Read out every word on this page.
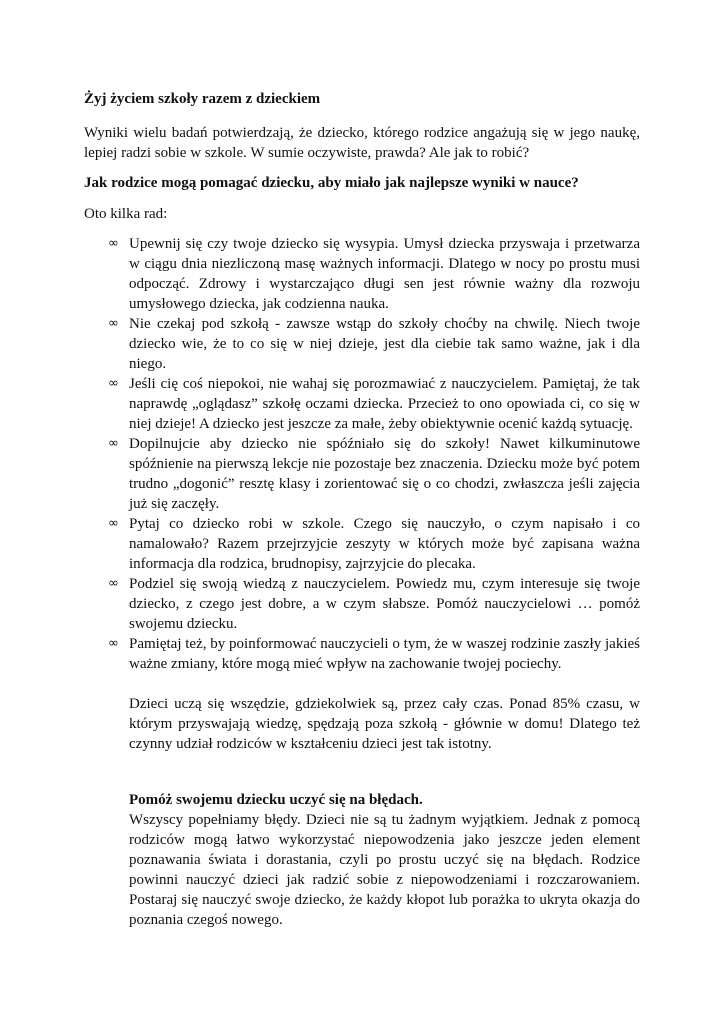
Żyj życiem szkoły razem z dzieckiem

Wyniki wielu badań potwierdzają, że dziecko, którego rodzice angażują się w jego naukę, lepiej radzi sobie w szkole. W sumie oczywiste, prawda? Ale jak to robić?

Jak rodzice mogą pomagać dziecku, aby miało jak najlepsze wyniki w nauce?

Oto kilka rad:

∞ Upewnij się czy twoje dziecko się wysypia. Umysł dziecka przyswaja i przetwarza w ciągu dnia niezliczoną masę ważnych informacji. Dlatego w nocy po prostu musi odpocząć. Zdrowy i wystarczająco długi sen jest równie ważny dla rozwoju umysłowego dziecka, jak codzienna nauka.
∞ Nie czekaj pod szkołą - zawsze wstąp do szkoły choćby na chwilę. Niech twoje dziecko wie, że to co się w niej dzieje, jest dla ciebie tak samo ważne, jak i dla niego.
∞ Jeśli cię coś niepokoi, nie wahaj się porozmawiać z nauczycielem. Pamiętaj, że tak naprawdę „oglądasz” szkołę oczami dziecka. Przecież to ono opowiada ci, co się w niej dzieje! A dziecko jest jeszcze za małe, żeby obiektywnie ocenić każdą sytuację.
∞ Dopilnujcie aby dziecko nie spóźniało się do szkoły! Nawet kilkuminutowe spóźnienie na pierwszą lekcje nie pozostaje bez znaczenia. Dziecku może być potem trudno „dogonić” resztę klasy i zorientować się o co chodzi, zwłaszcza jeśli zajęcia już się zaczęły.
∞ Pytaj co dziecko robi w szkole. Czego się nauczyło, o czym napisało i co namalowało? Razem przejrzyjcie zeszyty w których może być zapisana ważna informacja dla rodzica, brudnopisy, zajrzyjcie do plecaka.
∞ Podziel się swoją wiedzą z nauczycielem. Powiedz mu, czym interesuje się twoje dziecko, z czego jest dobre, a w czym słabsze. Pomóż nauczycielowi … pomóż swojemu dziecku.
∞ Pamiętaj też, by poinformować nauczycieli o tym, że w waszej rodzinie zaszły jakieś ważne zmiany, które mogą mieć wpływ na zachowanie twojej pociechy.

Dzieci uczą się wszędzie, gdziekolwiek są, przez cały czas. Ponad 85% czasu, w którym przyswajają wiedzę, spędzają poza szkołą - głównie w domu! Dlatego też czynny udział rodziców w kształceniu dzieci jest tak istotny.

Pomóż swojemu dziecku uczyć się na błędach.

Wszyscy popełniamy błędy. Dzieci nie są tu żadnym wyjątkiem. Jednak z pomocą rodziców mogą łatwo wykorzystać niepowodzenia jako jeszcze jeden element poznawania świata i dorastania, czyli po prostu uczyć się na błędach. Rodzice powinni nauczyć dzieci jak radzić sobie z niepowodzeniami i rozczarowaniem. Postaraj się nauczyć swoje dziecko, że każdy kłopot lub porażka to ukryta okazja do poznania czegoś nowego.
